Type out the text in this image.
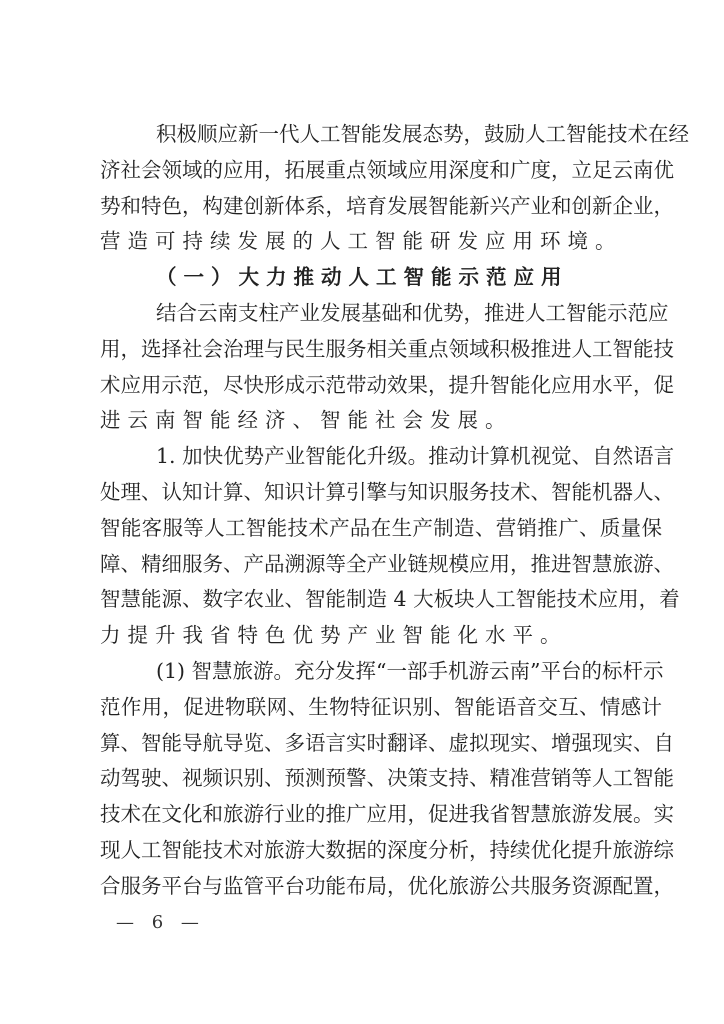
积极顺应新一代人工智能发展态势，鼓励人工智能技术在经
济社会领域的应用，拓展重点领域应用深度和广度，立足云南优
势和特色，构建创新体系，培育发展智能新兴产业和创新企业，
营造可持续发展的人工智能研发应用环境。
（一）大力推动人工智能示范应用
结合云南支柱产业发展基础和优势，推进人工智能示范应
用，选择社会治理与民生服务相关重点领域积极推进人工智能技
术应用示范，尽快形成示范带动效果，提升智能化应用水平，促
进云南智能经济、智能社会发展。
1. 加快优势产业智能化升级。推动计算机视觉、自然语言
处理、认知计算、知识计算引擎与知识服务技术、智能机器人、
智能客服等人工智能技术产品在生产制造、营销推广、质量保
障、精细服务、产品溯源等全产业链规模应用，推进智慧旅游、
智慧能源、数字农业、智能制造 4 大板块人工智能技术应用，着
力提升我省特色优势产业智能化水平。
(1) 智慧旅游。充分发挥“一部手机游云南”平台的标杆示
范作用，促进物联网、生物特征识别、智能语音交互、情感计
算、智能导航导览、多语言实时翻译、虚拟现实、增强现实、自
动驾驶、视频识别、预测预警、决策支持、精准营销等人工智能
技术在文化和旅游行业的推广应用，促进我省智慧旅游发展。实
现人工智能技术对旅游大数据的深度分析，持续优化提升旅游综
合服务平台与监管平台功能布局，优化旅游公共服务资源配置，
— 6 —
